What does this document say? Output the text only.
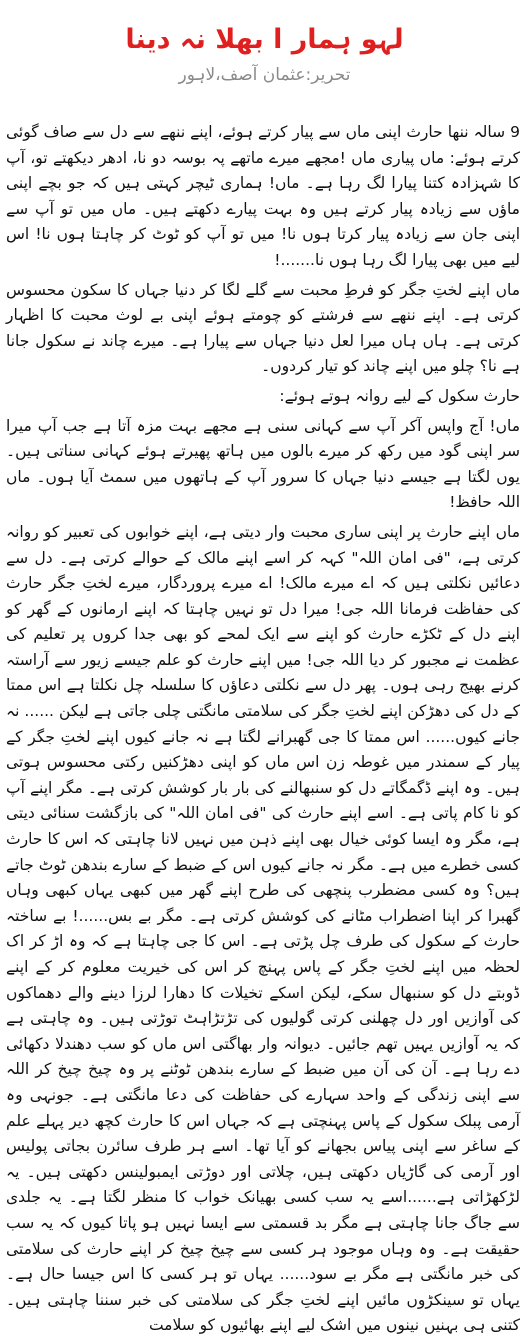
لہو ہمار ا بھلا نہ دینا
تحریر:عثمان آصف،لاہور

9 سالہ ننھا حارث اپنی ماں سے پیار کرتے ہوئے، اپنے ننھے سے دل سے صاف گوئی کرتے ہوئے: ماں پیاری ماں !مجھے میرے ماتھے پہ بوسہ دو نا، ادھر دیکھتے تو، آپ کا شہزادہ کتنا پیارا لگ رہا ہے۔ ماں! ہماری ٹیچر کہتی ہیں کہ جو بچے اپنی ماؤں سے زیادہ پیار کرتے ہیں وہ بہت پیارے دکھتے ہیں۔ ماں میں تو آپ سے اپنی جان سے زیادہ پیار کرتا ہوں نا! میں تو آپ کو ٹوٹ کر چاہتا ہوں نا! اس لیے میں بھی پیارا لگ رہا ہوں نا.......!

ماں اپنے لختِ جگر کو فرطِ محبت سے گلے لگا کر دنیا جہاں کا سکون محسوس کرتی ہے۔ اپنے ننھے سے فرشتے کو چومتے ہوئے اپنی بے لوث محبت کا اظہار کرتی ہے۔ ہاں ہاں میرا لعل دنیا جہاں سے پیارا ہے۔ میرے چاند نے سکول جانا ہے نا؟ چلو میں اپنے چاند کو تیار کردوں۔

حارث سکول کے لیے روانہ ہوتے ہوئے:

ماں! آج واپس آکر آپ سے کہانی سنی ہے مجھے بہت مزہ آتا ہے جب آپ میرا سر اپنی گود میں رکھ کر میرے بالوں میں ہاتھ پھیرتے ہوئے کہانی سناتی ہیں۔ یوں لگتا ہے جیسے دنیا جہاں کا سرور آپ کے ہاتھوں میں سمٹ آیا ہوں۔ ماں اللہ حافظ!

ماں اپنے حارث پر اپنی ساری محبت وار دیتی ہے، اپنے خوابوں کی تعبیر کو روانہ کرتی ہے، "فی امان اللہ" کہہ کر اسے اپنے مالک کے حوالے کرتی ہے۔ دل سے دعائیں نکلتی ہیں کہ اے میرے مالک! اے میرے پروردگار، میرے لختِ جگر حارث کی حفاظت فرمانا اللہ جی! میرا دل تو نہیں چاہتا کہ اپنے ارمانوں کے گھر کو اپنے دل کے ٹکڑے حارث کو اپنے سے ایک لمحے کو بھی جدا کروں پر تعلیم کی عظمت نے مجبور کر دیا اللہ جی! میں اپنے حارث کو علم جیسے زیور سے آراستہ کرنے بھیج رہی ہوں۔ پھر دل سے نکلتی دعاؤں کا سلسلہ چل نکلتا ہے اس ممتا کے دل کی دھڑکن اپنے لختِ جگر کی سلامتی مانگتی چلی جاتی ہے لیکن ...... نہ جانے کیوں...... اس ممتا کا جی گھبرانے لگتا ہے نہ جانے کیوں اپنے لختِ جگر کے پیار کے سمندر میں غوطہ زن اس ماں کو اپنی دھڑکنیں رکتی محسوس ہوتی ہیں۔ وہ اپنے ڈگمگاتے دل کو سنبھالنے کی بار بار کوشش کرتی ہے۔ مگر اپنے آپ کو نا کام پاتی ہے۔ اسے اپنے حارث کی "فی امان اللہ" کی بازگشت سنائی دیتی ہے، مگر وہ ایسا کوئی خیال بھی اپنے ذہن میں نہیں لانا چاہتی کہ اس کا حارث کسی خطرے میں ہے۔ مگر نہ جانے کیوں اس کے ضبط کے سارے بندھن ٹوٹ جاتے ہیں؟ وہ کسی مضطرب پنچھی کی طرح اپنے گھر میں کبھی یہاں کبھی وہاں گھبرا کر اپنا اضطراب مٹانے کی کوشش کرتی ہے۔ مگر بے بس......! بے ساختہ حارث کے سکول کی طرف چل پڑتی ہے۔ اس کا جی چاہتا ہے کہ وہ اڑ کر اک لحظہ میں اپنے لختِ جگر کے پاس پہنچ کر اس کی خیریت معلوم کر کے اپنے ڈوبتے دل کو سنبھال سکے، لیکن اسکے تخیلات کا دھارا لرزا دینے والے دھماکوں کی آوازیں اور دل چھلنی کرتی گولیوں کی تڑتڑاہٹ توڑتی ہیں۔ وہ چاہتی ہے کہ یہ آوازیں یہیں تھم جائیں۔ دیوانہ وار بھاگتی اس ماں کو سب دھندلا دکھائی دے رہا ہے۔ آن کی آن میں ضبط کے سارے بندھن ٹوٹنے پر وہ چیخ چیخ کر اللہ سے اپنی زندگی کے واحد سہارے کی حفاظت کی دعا مانگتی ہے۔ جونہی وہ آرمی پبلک سکول کے پاس پہنچتی ہے کہ جہاں اس کا حارث کچھ دیر پہلے علم کے ساغر سے اپنی پیاس بجھانے کو آیا تھا۔ اسے ہر طرف سائرن بجاتی پولیس اور آرمی کی گاڑیاں دکھتی ہیں، چلاتی اور دوڑتی ایمبولینس دکھتی ہیں۔ یہ لڑکھڑاتی ہے......اسے یہ سب کسی بھیانک خواب کا منظر لگتا ہے۔ یہ جلدی سے جاگ جانا چاہتی ہے مگر بد قسمتی سے ایسا نہیں ہو پاتا کیوں کہ یہ سب حقیقت ہے۔ وہ وہاں موجود ہر کسی سے چیخ چیخ کر اپنے حارث کی سلامتی کی خبر مانگتی ہے مگر بے سود...... یہاں تو ہر کسی کا اس جیسا حال ہے۔ یہاں تو سینکڑوں مائیں اپنے لختِ جگر کی سلامتی کی خبر سننا چاہتی ہیں۔ کتنی ہی بہنیں نینوں میں اشک لیے اپنے بھائیوں کو سلامت
